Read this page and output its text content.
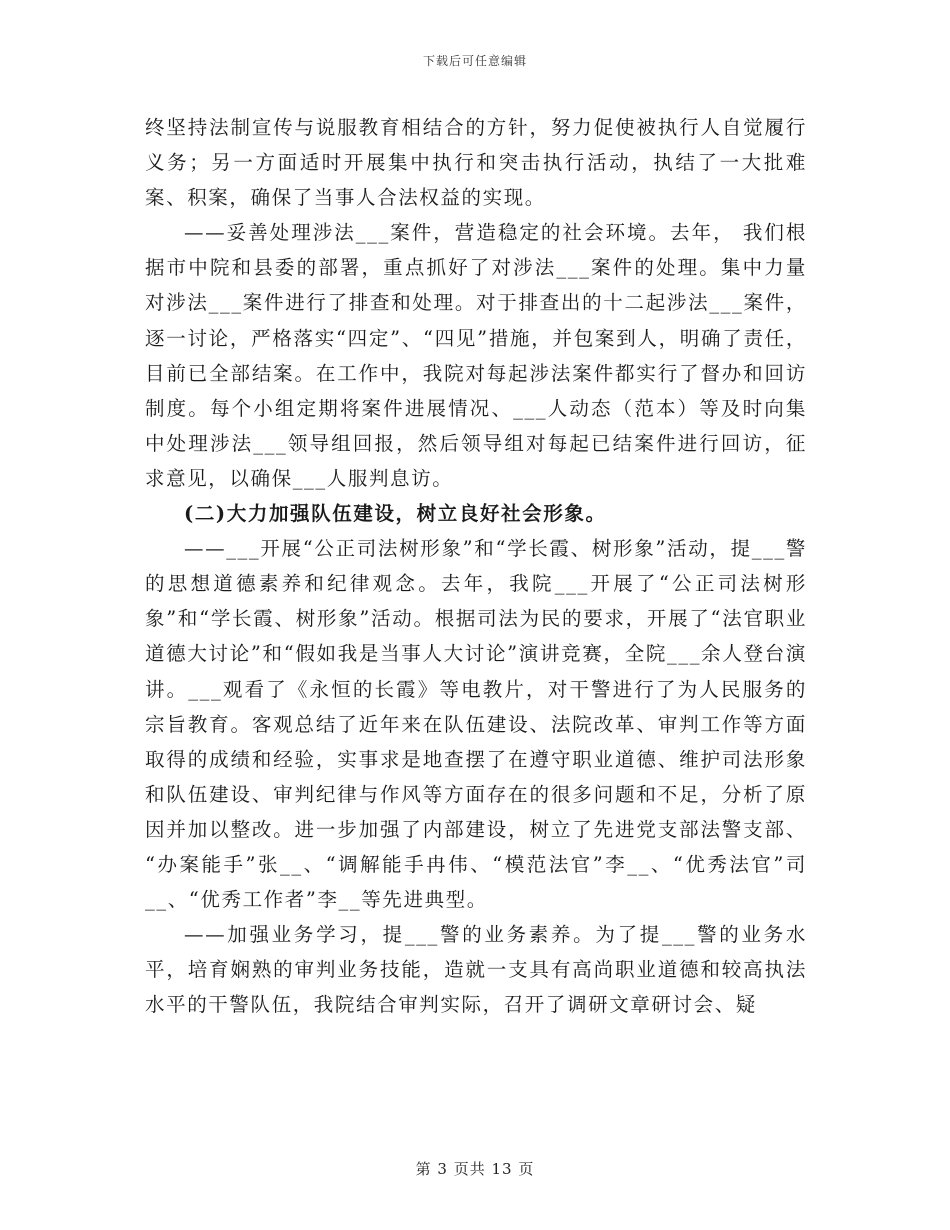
下载后可任意编辑

终坚持法制宣传与说服教育相结合的方针，努力促使被执行人自觉履行义务；另一方面适时开展集中执行和突击执行活动，执结了一大批难案、积案，确保了当事人合法权益的实现。

——妥善处理涉法___案件，营造稳定的社会环境。去年， 我们根据市中院和县委的部署，重点抓好了对涉法___案件的处理。集中力量对涉法___案件进行了排查和处理。对于排查出的十二起涉法___案件，逐一讨论，严格落实“四定”、“四见”措施，并包案到人，明确了责任，目前已全部结案。在工作中，我院对每起涉法案件都实行了督办和回访制度。每个小组定期将案件进展情况、___人动态（范本）等及时向集中处理涉法___领导组回报，然后领导组对每起已结案件进行回访，征求意见，以确保___人服判息访。

(二)大力加强队伍建设，树立良好社会形象。

——___开展“公正司法树形象”和“学长霞、树形象”活动，提___警的思想道德素养和纪律观念。去年，我院___开展了“公正司法树形象”和“学长霞、树形象”活动。根据司法为民的要求，开展了“法官职业道德大讨论”和“假如我是当事人大讨论”演讲竞赛，全院___余人登台演讲。___观看了《永恒的长霞》等电教片，对干警进行了为人民服务的宗旨教育。客观总结了近年来在队伍建设、法院改革、审判工作等方面取得的成绩和经验，实事求是地查摆了在遵守职业道德、维护司法形象和队伍建设、审判纪律与作风等方面存在的很多问题和不足，分析了原因并加以整改。进一步加强了内部建设，树立了先进党支部法警支部、 “办案能手”张__、“调解能手冉伟、“模范法官”李__、“优秀法官”司__、“优秀工作者”李__等先进典型。

——加强业务学习，提___警的业务素养。为了提___警的业务水平，培育娴熟的审判业务技能，造就一支具有高尚职业道德和较高执法水平的干警队伍，我院结合审判实际，召开了调研文章研讨会、疑

第 3 页共 13 页
